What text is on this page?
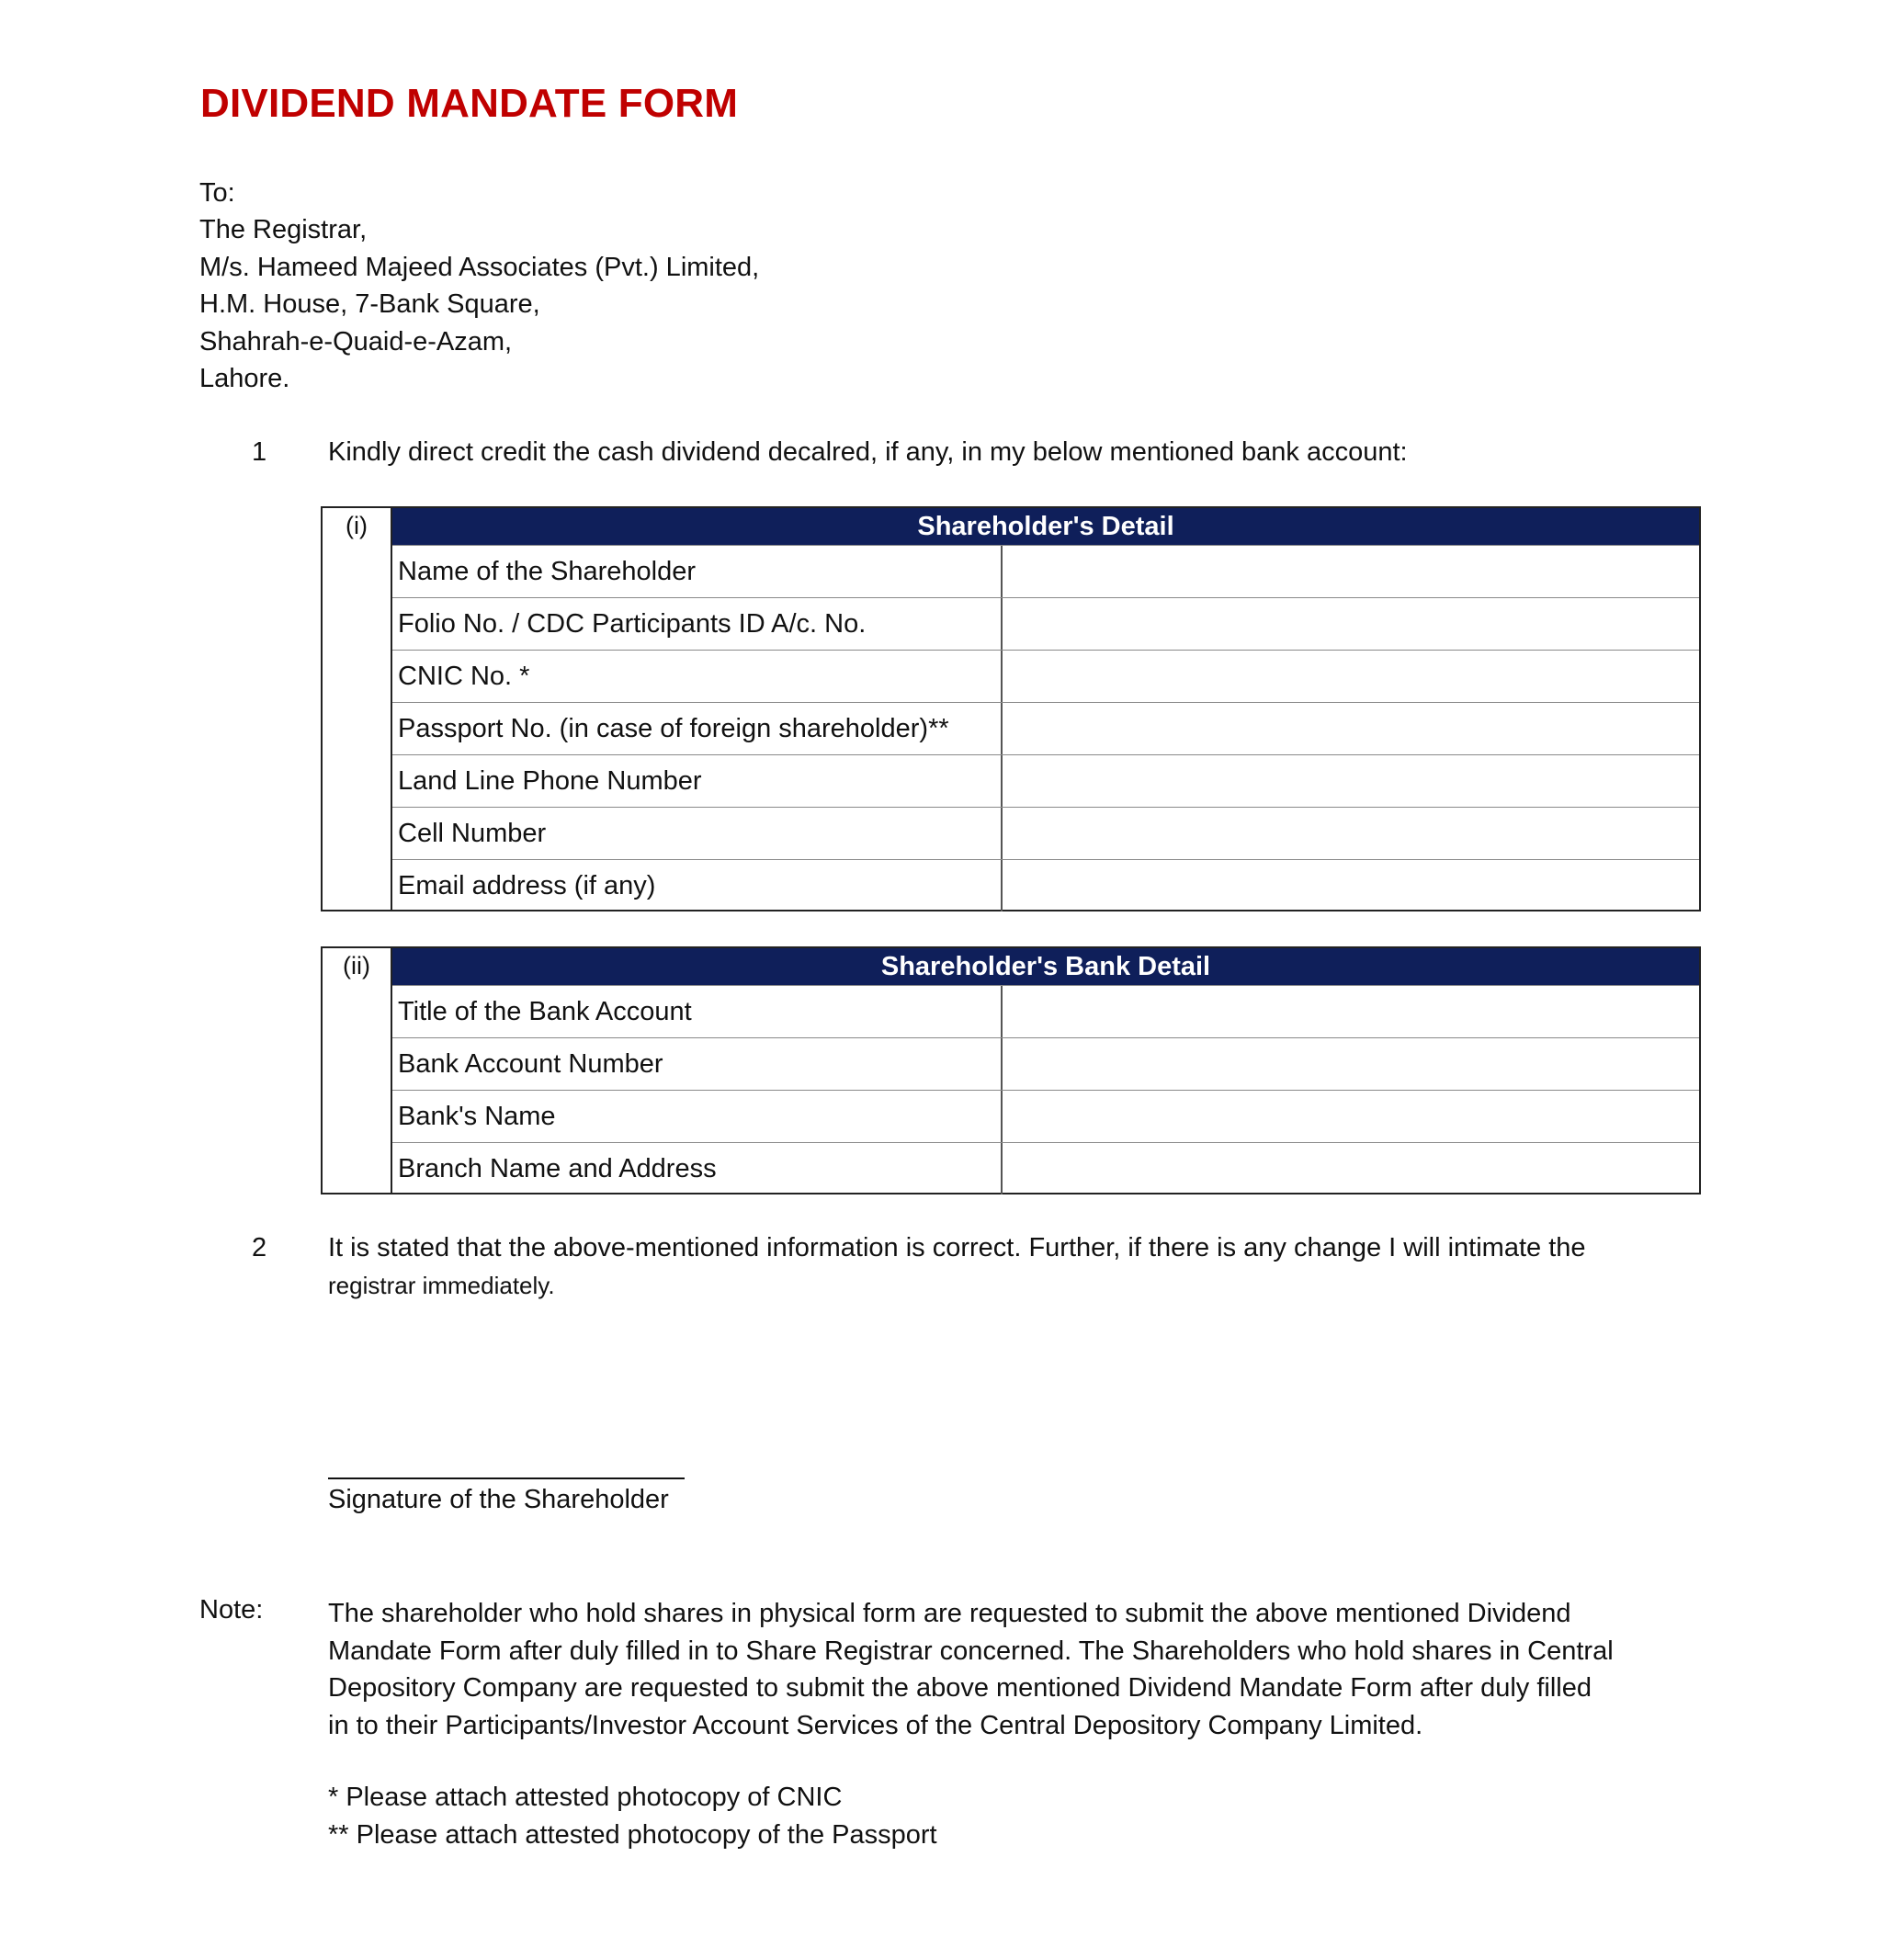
DIVIDEND MANDATE FORM
To:
The Registrar,
M/s. Hameed Majeed Associates (Pvt.) Limited,
H.M. House, 7-Bank Square,
Shahrah-e-Quaid-e-Azam,
Lahore.
1 Kindly direct credit the cash dividend decalred, if any, in my below mentioned bank account:
(i)	Shareholder's Detail
Name of the Shareholder
Folio No. / CDC Participants ID A/c. No.
CNIC No. *
Passport No. (in case of foreign shareholder)**
Land Line Phone Number
Cell Number
Email address (if any)
(ii)	Shareholder's Bank Detail
Title of the Bank Account
Bank Account Number
Bank's Name
Branch Name and Address
2 It is stated that the above-mentioned information is correct. Further, if there is any change I will intimate the
registrar immediately.
Signature of the Shareholder
Note: The shareholder who hold shares in physical form are requested to submit the above mentioned Dividend
Mandate Form after duly filled in to Share Registrar concerned. The Shareholders who hold shares in Central
Depository Company are requested to submit the above mentioned Dividend Mandate Form after duly filled
in to their Participants/Investor Account Services of the Central Depository Company Limited.
* Please attach attested photocopy of CNIC
** Please attach attested photocopy of the Passport
